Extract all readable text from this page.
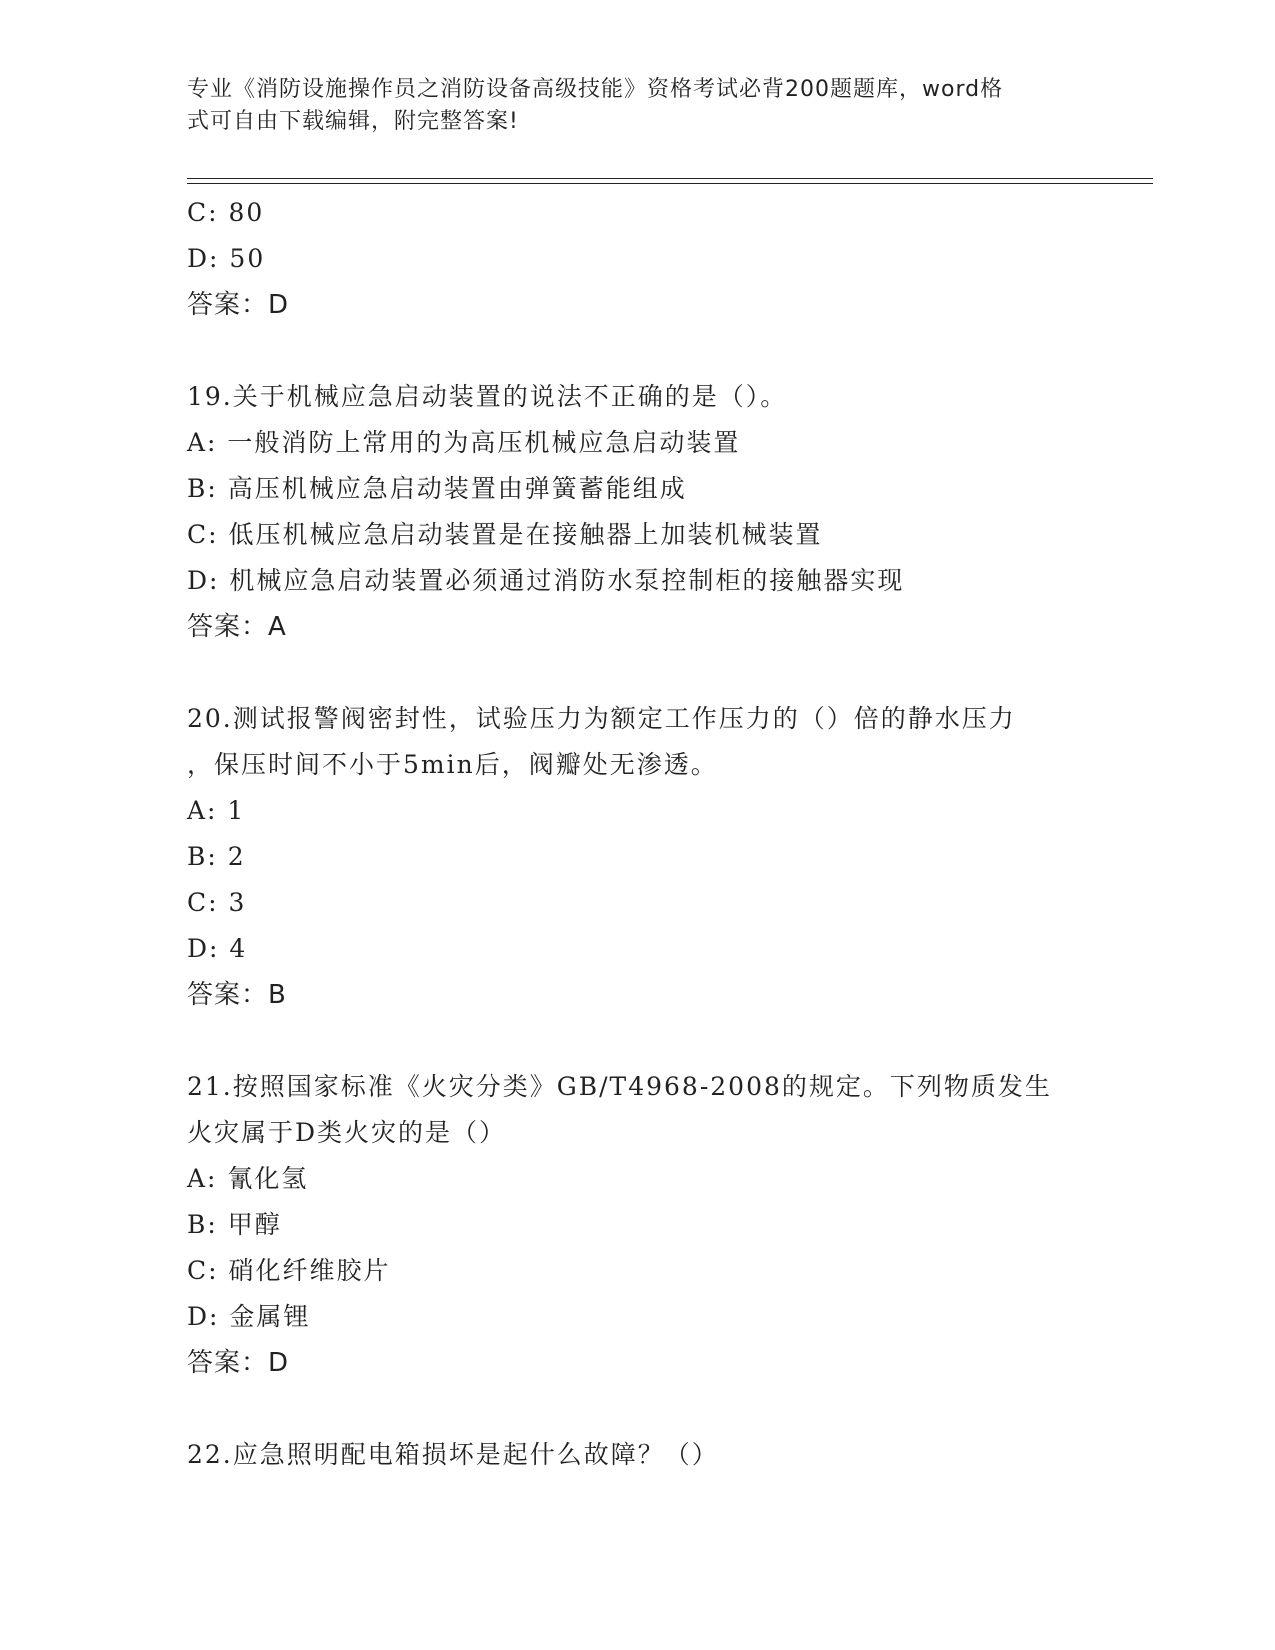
专业《消防设施操作员之消防设备高级技能》资格考试必背200题题库，word格
式可自由下载编辑，附完整答案!
C: 80
D: 50
答案：D
19.关于机械应急启动装置的说法不正确的是（）。
A: 一般消防上常用的为高压机械应急启动装置
B: 高压机械应急启动装置由弹簧蓄能组成
C: 低压机械应急启动装置是在接触器上加装机械装置
D: 机械应急启动装置必须通过消防水泵控制柜的接触器实现
答案：A
20.测试报警阀密封性，试验压力为额定工作压力的（）倍的静水压力
，保压时间不小于5min后，阀瓣处无渗透。
A: 1
B: 2
C: 3
D: 4
答案：B
21.按照国家标准《火灾分类》GB/T4968-2008的规定。下列物质发生
火灾属于D类火灾的是（）
A: 氰化氢
B: 甲醇
C: 硝化纤维胶片
D: 金属锂
答案：D
22.应急照明配电箱损坏是起什么故障？（）
